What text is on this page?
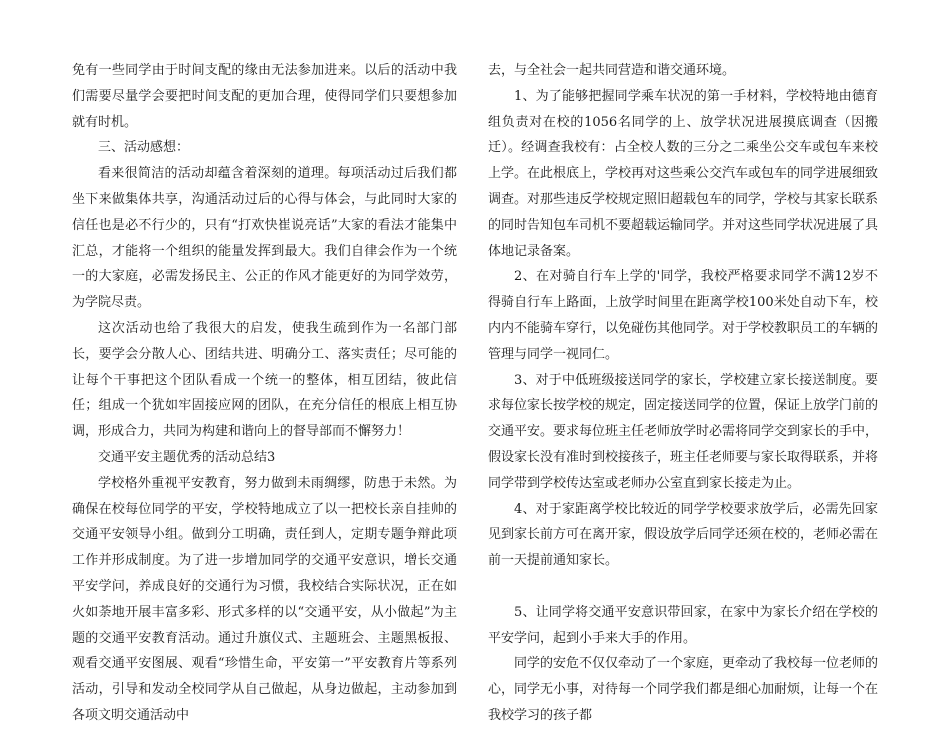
免有一些同学由于时间支配的缘由无法参加进来。以后的活动中我们需要尽量学会要把时间支配的更加合理，使得同学们只要想参加就有时机。

三、活动感想：

看来很简洁的活动却蕴含着深刻的道理。每项活动过后我们都坐下来做集体共享，沟通活动过后的心得与体会，与此同时大家的信任也是必不行少的，只有“打欢快崔说亮话”大家的看法才能集中汇总，才能将一个组织的能量发挥到最大。我们自律会作为一个统一的大家庭，必需发扬民主、公正的作风才能更好的为同学效劳，为学院尽责。

这次活动也给了我很大的启发，使我生疏到作为一名部门部长，要学会分散人心、团结共进、明确分工、落实责任；尽可能的让每个干事把这个团队看成一个统一的整体，相互团结，彼此信任；组成一个犹如牢固接应网的团队，在充分信任的根底上相互协调，形成合力，共同为构建和谐向上的督导部而不懈努力！

交通平安主题优秀的活动总结3

学校格外重视平安教育，努力做到未雨绸缪，防患于未然。为确保在校每位同学的平安，学校特地成立了以一把校长亲自挂帅的交通平安领导小组。做到分工明确，责任到人，定期专题争辩此项工作并形成制度。为了进一步增加同学的交通平安意识，增长交通平安学问，养成良好的交通行为习惯，我校结合实际状况，正在如火如荼地开展丰富多彩、形式多样的以“交通平安，从小做起”为主题的交通平安教育活动。通过升旗仪式、主题班会、主题黑板报、观看交通平安图展、观看“珍惜生命，平安第一”平安教育片等系列活动，引导和发动全校同学从自己做起，从身边做起，主动参加到各项文明交通活动中

去，与全社会一起共同营造和谐交通环境。

1、为了能够把握同学乘车状况的第一手材料，学校特地由德育组负责对在校的1056名同学的上、放学状况进展摸底调查（因搬迁）。经调查我校有：占全校人数的三分之二乘坐公交车或包车来校上学。在此根底上，学校再对这些乘公交汽车或包车的同学进展细致调查。对那些违反学校规定照旧超载包车的同学，学校与其家长联系的同时告知包车司机不要超载运输同学。并对这些同学状况进展了具体地记录备案。

2、在对骑自行车上学的'同学，我校严格要求同学不满12岁不得骑自行车上路面，上放学时间里在距离学校100米处自动下车，校内内不能骑车穿行，以免碰伤其他同学。对于学校教职员工的车辆的管理与同学一视同仁。

3、对于中低班级接送同学的家长，学校建立家长接送制度。要求每位家长按学校的规定，固定接送同学的位置，保证上放学门前的交通平安。要求每位班主任老师放学时必需将同学交到家长的手中，假设家长没有准时到校接孩子，班主任老师要与家长取得联系，并将同学带到学校传达室或老师办公室直到家长接走为止。

4、对于家距离学校比较近的同学学校要求放学后，必需先回家见到家长前方可在离开家，假设放学后同学还须在校的，老师必需在前一天提前通知家长。

5、让同学将交通平安意识带回家，在家中为家长介绍在学校的平安学问，起到小手来大手的作用。

同学的安危不仅仅牵动了一个家庭，更牵动了我校每一位老师的心，同学无小事，对待每一个同学我们都是细心加耐烦，让每一个在我校学习的孩子都
